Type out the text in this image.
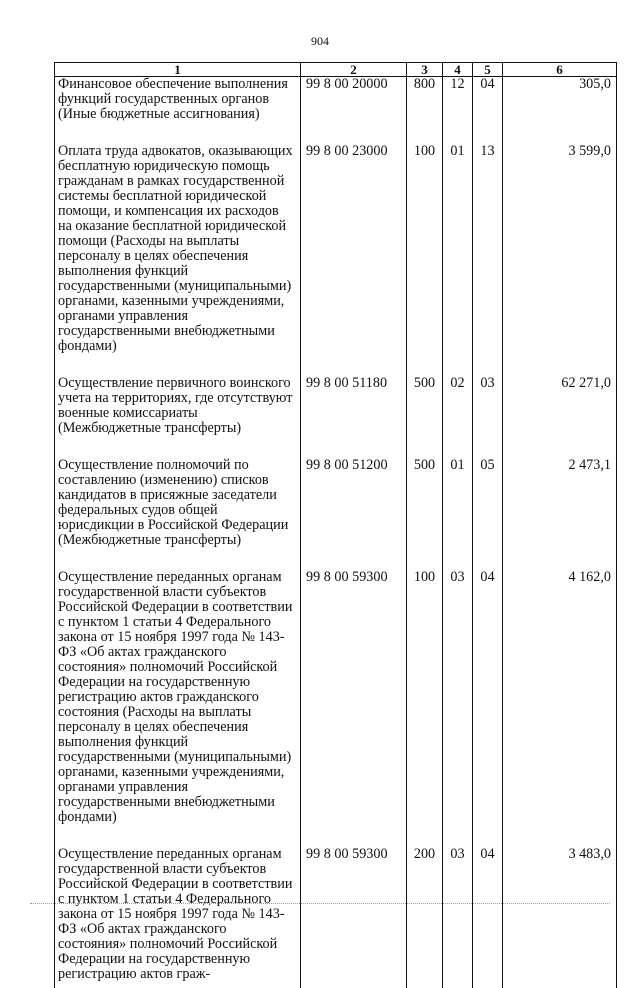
904
1	2	3	4	5	6
Финансовое обеспечение выполнения функций государственных органов (Иные бюджетные ассигнования)	99 8 00 20000	800	12	04	305,0
Оплата труда адвокатов, оказывающих бесплатную юридическую помощь гражданам в рамках государственной системы бесплатной юридической помощи, и компенсация их расходов на оказание бесплатной юридической помощи (Расходы на выплаты персоналу в целях обеспечения выполнения функций государственными (муниципальными) органами, казенными учреждениями, органами управления государственными внебюджетными фондами)	99 8 00 23000	100	01	13	3 599,0
Осуществление первичного воинского учета на территориях, где отсутствуют военные комиссариаты (Межбюджетные трансферты)	99 8 00 51180	500	02	03	62 271,0
Осуществление полномочий по составлению (изменению) списков кандидатов в присяжные заседатели федеральных судов общей юрисдикции в Российской Федерации (Межбюджетные трансферты)	99 8 00 51200	500	01	05	2 473,1
Осуществление переданных органам государственной власти субъектов Российской Федерации в соответствии с пунктом 1 статьи 4 Федерального закона от 15 ноября 1997 года № 143-ФЗ «Об актах гражданского состояния» полномочий Российской Федерации на государственную регистрацию актов гражданского состояния (Расходы на выплаты персоналу в целях обеспечения выполнения функций государственными (муниципальными) органами, казенными учреждениями, органами управления государственными внебюджетными фондами)	99 8 00 59300	100	03	04	4 162,0
Осуществление переданных органам государственной власти субъектов Российской Федерации в соответствии с пунктом 1 статьи 4 Федерального закона от 15 ноября 1997 года № 143-ФЗ «Об актах гражданского состояния» полномочий Российской Федерации на государственную регистрацию актов граж-	99 8 00 59300	200	03	04	3 483,0
